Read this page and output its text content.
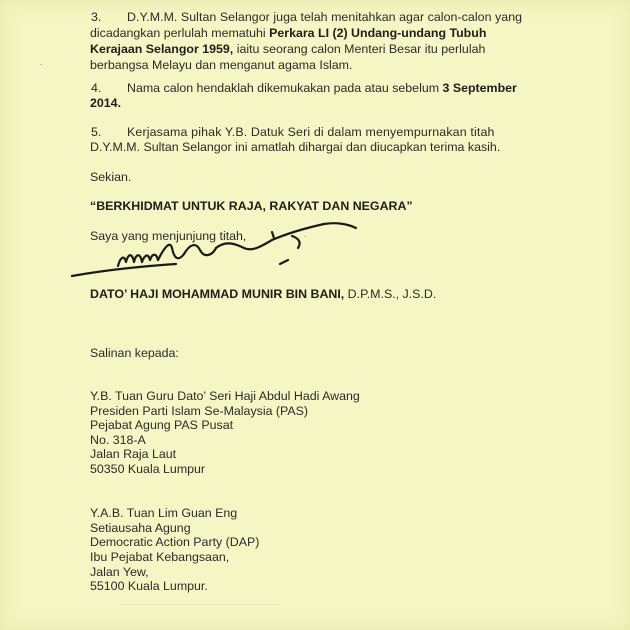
3. D.Y.M.M. Sultan Selangor juga telah menitahkan agar calon-calon yang
dicadangkan perlulah mematuhi Perkara LI (2) Undang-undang Tubuh
Kerajaan Selangor 1959, iaitu seorang calon Menteri Besar itu perlulah
berbangsa Melayu dan menganut agama Islam.
4. Nama calon hendaklah dikemukakan pada atau sebelum 3 September
2014.
5. Kerjasama pihak Y.B. Datuk Seri di dalam menyempurnakan titah
D.Y.M.M. Sultan Selangor ini amatlah dihargai dan diucapkan terima kasih.
Sekian.
“BERKHIDMAT UNTUK RAJA, RAKYAT DAN NEGARA”
Saya yang menjunjung titah,
DATO’ HAJI MOHAMMAD MUNIR BIN BANI, D.P.M.S., J.S.D.
Salinan kepada:
Y.B. Tuan Guru Dato’ Seri Haji Abdul Hadi Awang
Presiden Parti Islam Se-Malaysia (PAS)
Pejabat Agung PAS Pusat
No. 318-A
Jalan Raja Laut
50350 Kuala Lumpur
Y.A.B. Tuan Lim Guan Eng
Setiausaha Agung
Democratic Action Party (DAP)
Ibu Pejabat Kebangsaan,
Jalan Yew,
55100 Kuala Lumpur.
